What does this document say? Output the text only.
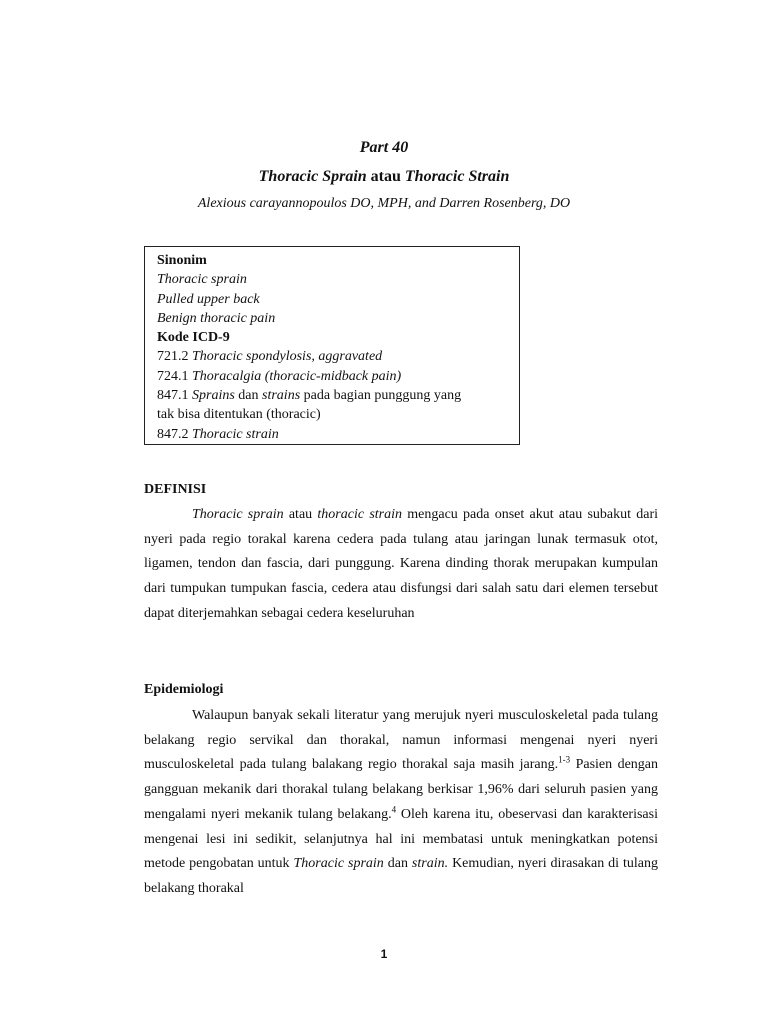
Part 40
Thoracic Sprain atau Thoracic Strain
Alexious carayannopoulos DO, MPH, and Darren Rosenberg, DO
Sinonim
Thoracic sprain
Pulled upper back
Benign thoracic pain
Kode ICD-9
721.2 Thoracic spondylosis, aggravated
724.1 Thoracalgia (thoracic-midback pain)
847.1 Sprains dan strains pada bagian punggung yang
tak bisa ditentukan (thoracic)
847.2 Thoracic strain
DEFINISI

Thoracic sprain atau thoracic strain mengacu pada onset akut atau subakut dari nyeri pada regio torakal karena cedera pada tulang atau jaringan lunak termasuk otot, ligamen, tendon dan fascia, dari punggung. Karena dinding thorak merupakan kumpulan dari tumpukan tumpukan fascia, cedera atau disfungsi dari salah satu dari elemen tersebut dapat diterjemahkan sebagai cedera keseluruhan

Epidemiologi

Walaupun banyak sekali literatur yang merujuk nyeri musculoskeletal pada tulang belakang regio servikal dan thorakal, namun informasi mengenai nyeri nyeri musculoskeletal pada tulang balakang regio thorakal saja masih jarang.$^{1-3}$ Pasien dengan gangguan mekanik dari thorakal tulang belakang berkisar 1,96% dari seluruh pasien yang mengalami nyeri mekanik tulang belakang.$^4$ Oleh karena itu, obeservasi dan karakterisasi mengenai lesi ini sedikit, selanjutnya hal ini membatasi untuk meningkatkan potensi metode pengobatan untuk Thoracic sprain dan strain. Kemudian, nyeri dirasakan di tulang belakang thorakal

1
